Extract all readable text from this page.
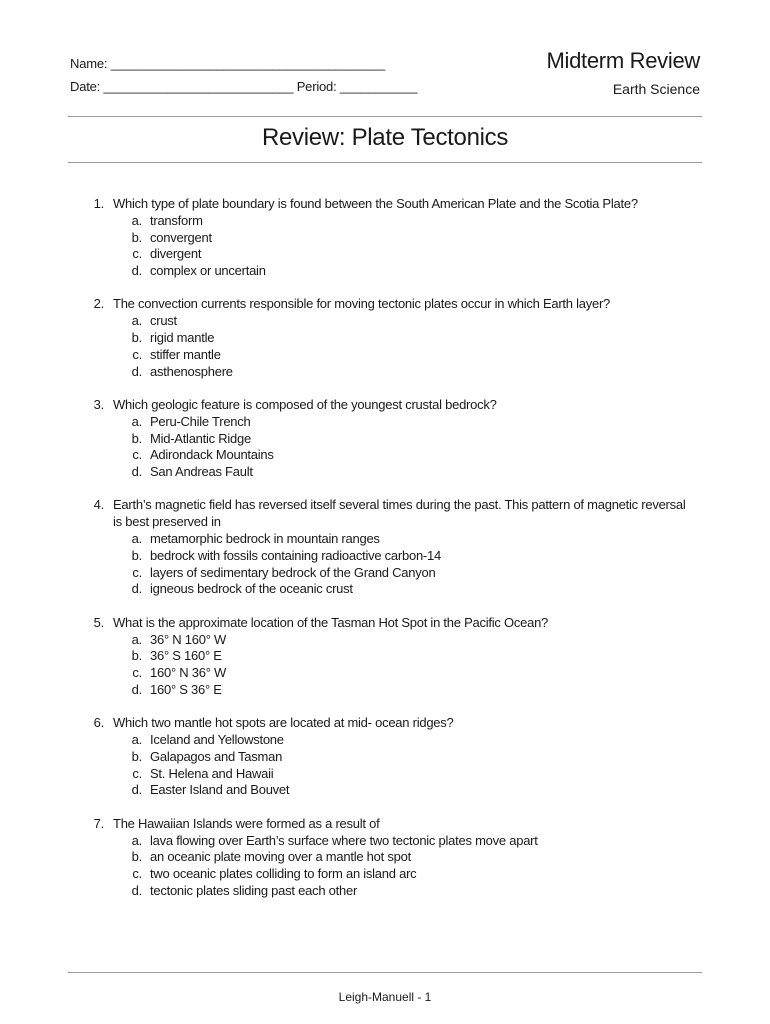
Name: _______________________________________
Date: ___________________________ Period: ___________
Midterm Review
Earth Science
Review: Plate Tectonics
1. Which type of plate boundary is found between the South American Plate and the Scotia Plate?
a. transform
b. convergent
c. divergent
d. complex or uncertain
2. The convection currents responsible for moving tectonic plates occur in which Earth layer?
a. crust
b. rigid mantle
c. stiffer mantle
d. asthenosphere
3. Which geologic feature is composed of the youngest crustal bedrock?
a. Peru-Chile Trench
b. Mid-Atlantic Ridge
c. Adirondack Mountains
d. San Andreas Fault
4. Earth’s magnetic field has reversed itself several times during the past. This pattern of magnetic reversal is best preserved in
a. metamorphic bedrock in mountain ranges
b. bedrock with fossils containing radioactive carbon-14
c. layers of sedimentary bedrock of the Grand Canyon
d. igneous bedrock of the oceanic crust
5. What is the approximate location of the Tasman Hot Spot in the Pacific Ocean?
a. 36° N 160° W
b. 36° S 160° E
c. 160° N 36° W
d. 160° S 36° E
6. Which two mantle hot spots are located at mid- ocean ridges?
a. Iceland and Yellowstone
b. Galapagos and Tasman
c. St. Helena and Hawaii
d. Easter Island and Bouvet
7. The Hawaiian Islands were formed as a result of
a. lava flowing over Earth’s surface where two tectonic plates move apart
b. an oceanic plate moving over a mantle hot spot
c. two oceanic plates colliding to form an island arc
d. tectonic plates sliding past each other
Leigh-Manuell - 1
